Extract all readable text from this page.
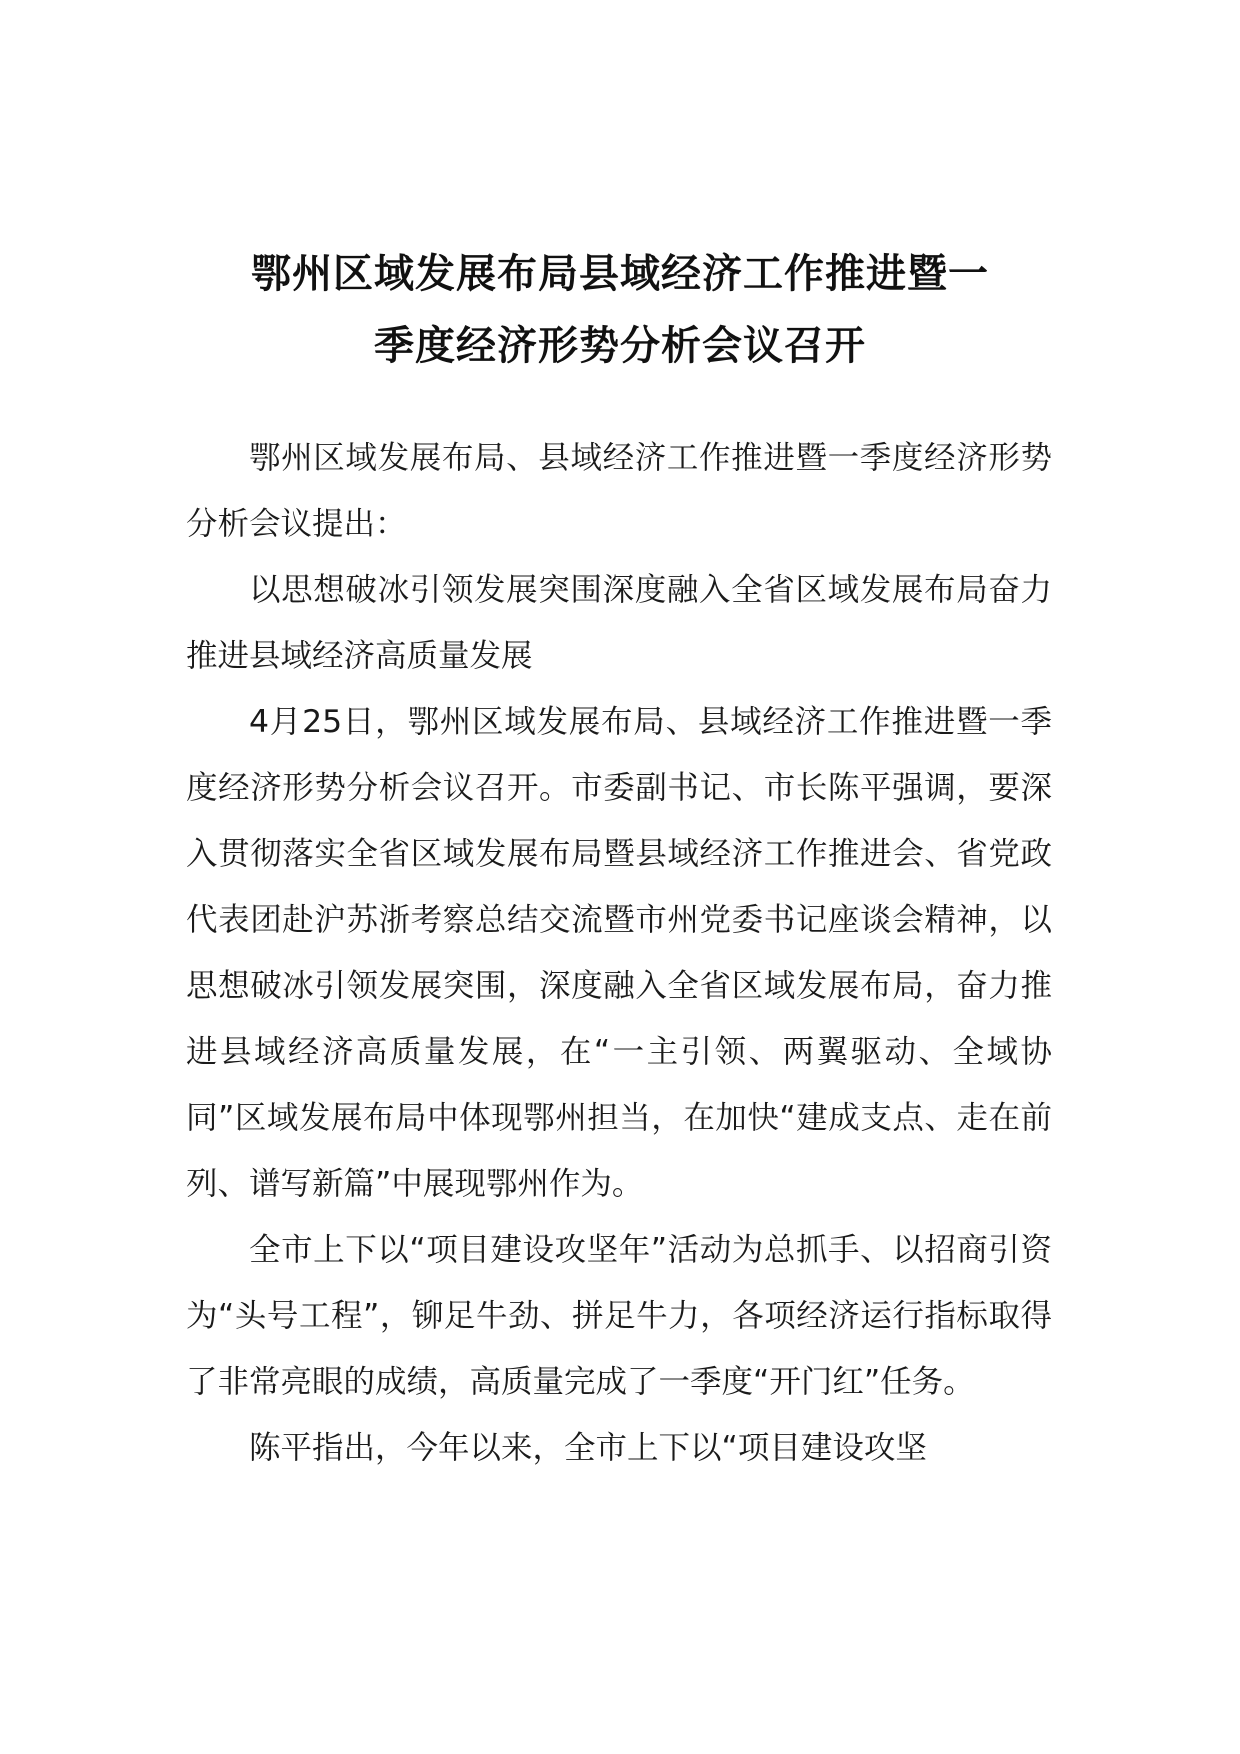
鄂州区域发展布局县域经济工作推进暨一
季度经济形势分析会议召开

鄂州区域发展布局、县域经济工作推进暨一季度经济形势分析会议提出：

以思想破冰引领发展突围深度融入全省区域发展布局奋力推进县域经济高质量发展

4月25日，鄂州区域发展布局、县域经济工作推进暨一季度经济形势分析会议召开。市委副书记、市长陈平强调，要深入贯彻落实全省区域发展布局暨县域经济工作推进会、省党政代表团赴沪苏浙考察总结交流暨市州党委书记座谈会精神，以思想破冰引领发展突围，深度融入全省区域发展布局，奋力推进县域经济高质量发展，在“一主引领、两翼驱动、全域协同”区域发展布局中体现鄂州担当，在加快“建成支点、走在前列、谱写新篇”中展现鄂州作为。

全市上下以“项目建设攻坚年”活动为总抓手、以招商引资为“头号工程”，铆足牛劲、拼足牛力，各项经济运行指标取得了非常亮眼的成绩，高质量完成了一季度“开门红”任务。

陈平指出，今年以来，全市上下以“项目建设攻坚
